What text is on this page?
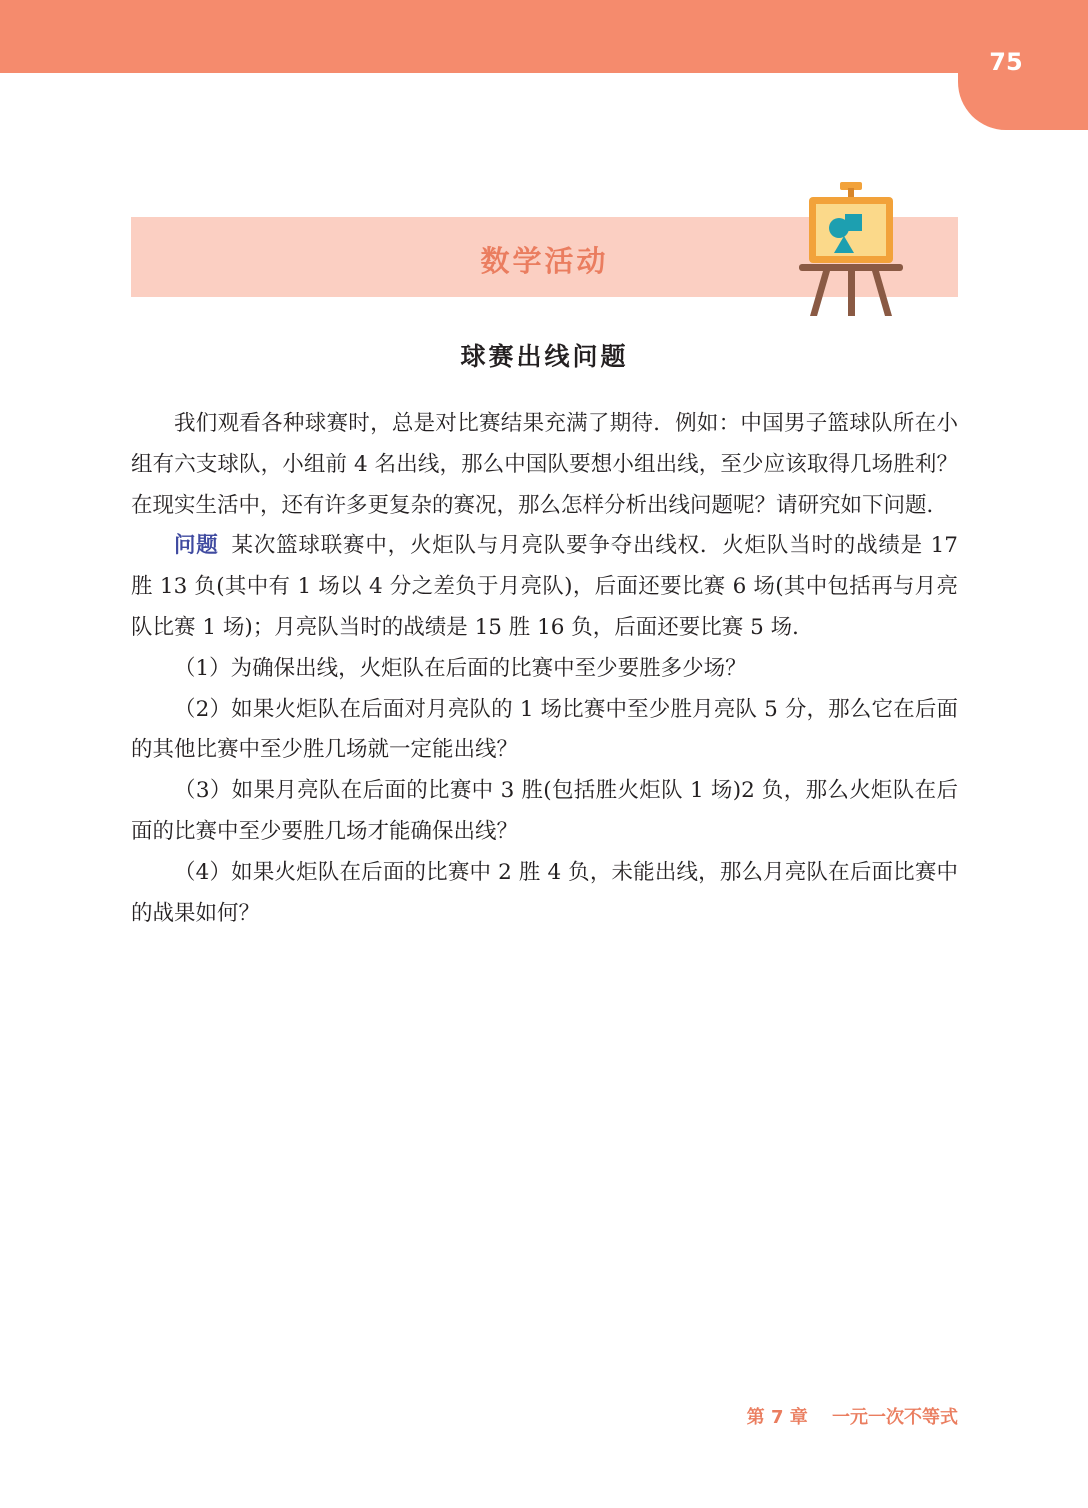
75
数学活动
球赛出线问题

我们观看各种球赛时，总是对比赛结果充满了期待．例如：中国男子篮球队所在小组有六支球队，小组前 4 名出线，那么中国队要想小组出线，至少应该取得几场胜利？在现实生活中，还有许多更复杂的赛况，那么怎样分析出线问题呢？请研究如下问题．

问题 某次篮球联赛中，火炬队与月亮队要争夺出线权．火炬队当时的战绩是 17 胜 13 负(其中有 1 场以 4 分之差负于月亮队)，后面还要比赛 6 场(其中包括再与月亮队比赛 1 场)；月亮队当时的战绩是 15 胜 16 负，后面还要比赛 5 场．

（1）为确保出线，火炬队在后面的比赛中至少要胜多少场？

（2）如果火炬队在后面对月亮队的 1 场比赛中至少胜月亮队 5 分，那么它在后面的其他比赛中至少胜几场就一定能出线？

（3）如果月亮队在后面的比赛中 3 胜(包括胜火炬队 1 场)2 负，那么火炬队在后面的比赛中至少要胜几场才能确保出线？

（4）如果火炬队在后面的比赛中 2 胜 4 负，未能出线，那么月亮队在后面比赛中的战果如何？

第 7 章　 一元一次不等式
